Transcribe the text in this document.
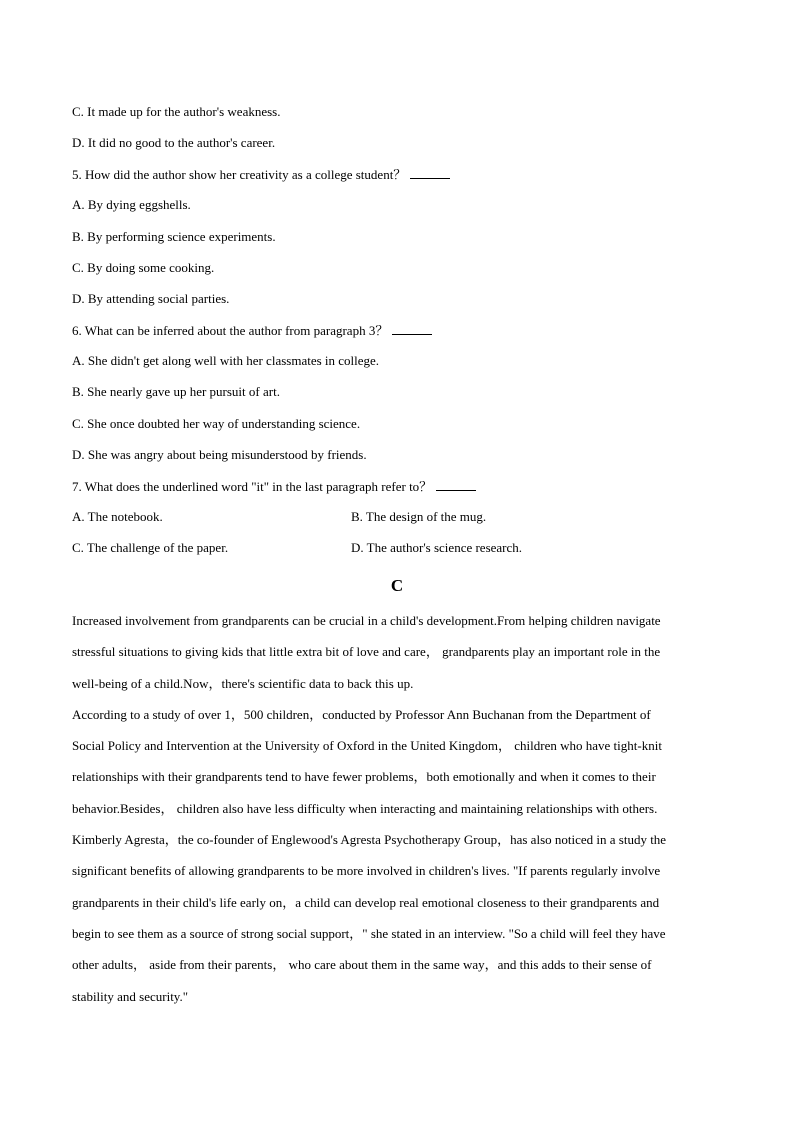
C. It made up for the author's weakness.
D. It did no good to the author's career.
5. How did the author show her creativity as a college student？
A. By dying eggshells.
B. By performing science experiments.
C. By doing some cooking.
D. By attending social parties.
6. What can be inferred about the author from paragraph 3？
A. She didn't get along well with her classmates in college.
B. She nearly gave up her pursuit of art.
C. She once doubted her way of understanding science.
D. She was angry about being misunderstood by friends.
7. What does the underlined word "it" in the last paragraph refer to？
A. The notebook.	B. The design of the mug.
C. The challenge of the paper.	D. The author's science research.
C
Increased involvement from grandparents can be crucial in a child's development.From helping children navigate
stressful situations to giving kids that little extra bit of love and care， grandparents play an important role in the
well-being of a child.Now，there's scientific data to back this up.
According to a study of over 1，500 children，conducted by Professor Ann Buchanan from the Department of
Social Policy and Intervention at the University of Oxford in the United Kingdom， children who have tight-knit
relationships with their grandparents tend to have fewer problems，both emotionally and when it comes to their
behavior.Besides， children also have less difficulty when interacting and maintaining relationships with others.
Kimberly Agresta，the co-founder of Englewood's Agresta Psychotherapy Group，has also noticed in a study the
significant benefits of allowing grandparents to be more involved in children's lives. "If parents regularly involve
grandparents in their child's life early on，a child can develop real emotional closeness to their grandparents and
begin to see them as a source of strong social support，" she stated in an interview. "So a child will feel they have
other adults， aside from their parents， who care about them in the same way，and this adds to their sense of
stability and security."
